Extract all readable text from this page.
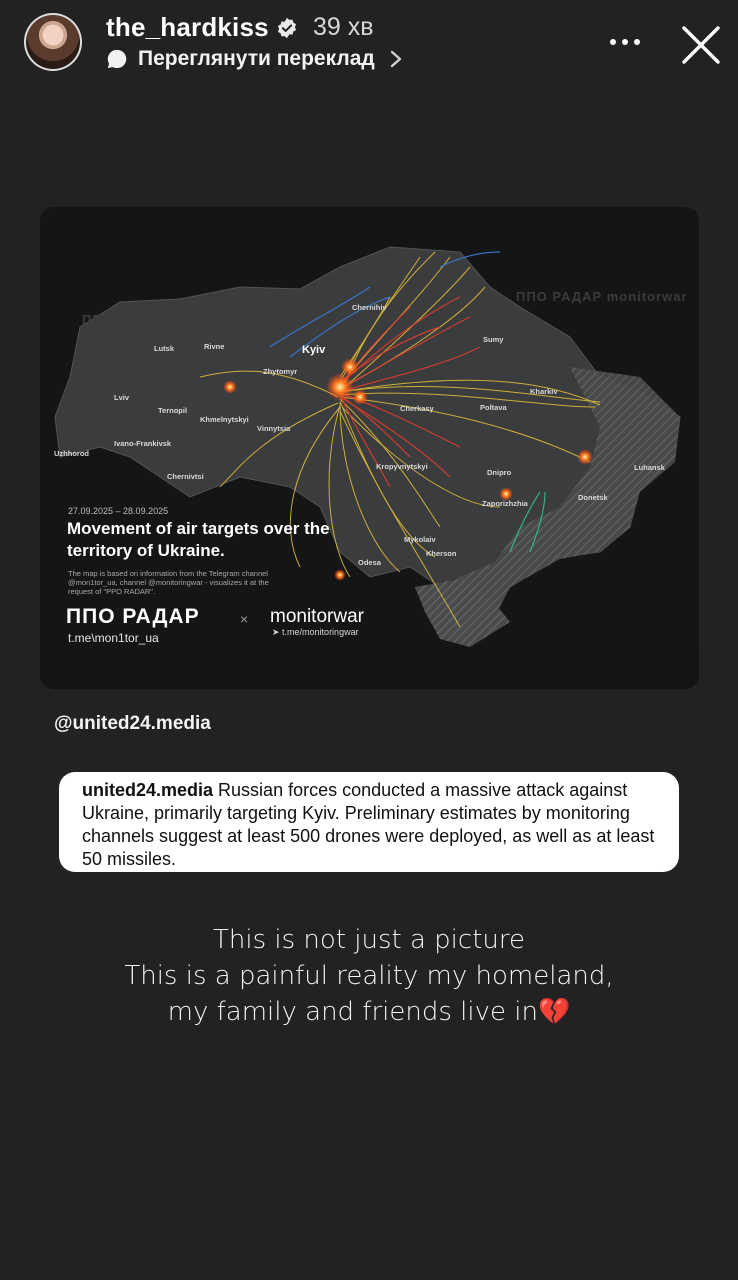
the_hardkiss 39 хв
Переглянути переклад
ППО РАДАР
ППО РАДАР monitorwar
Chernihiv
Kyiv
Sumy
Lutsk	Rivne
Zhytomyr
Kharkiv
Lviv
Ternopil
Khmelnytskyi
Vinnytsia
Cherkasy	Poltava
Ivano-Frankivsk
Uzhhorod
Chernivtsi
Kropyvnytskyi
Dnipro
Luhansk
Donetsk
Zaporizhzhia
Mykolaiv
Kherson
Odesa
27.09.2025 – 28.09.2025
Movement of air targets over the territory of Ukraine.
The map is based on information from the Telegram channel @mon1tor_ua, channel @monitoringwar - visualizes it at the request of "PPO RADAR".
ППО РАДАР
t.me\mon1tor_ua
× monitorwar
➤ t.me/monitoringwar
@united24.media
united24.media Russian forces conducted a massive attack against Ukraine, primarily targeting Kyiv. Preliminary estimates by monitoring channels suggest at least 500 drones were deployed, as well as at least 50 missiles.
This is not just a picture
This is a painful reality my homeland,
my family and friends live in💔
